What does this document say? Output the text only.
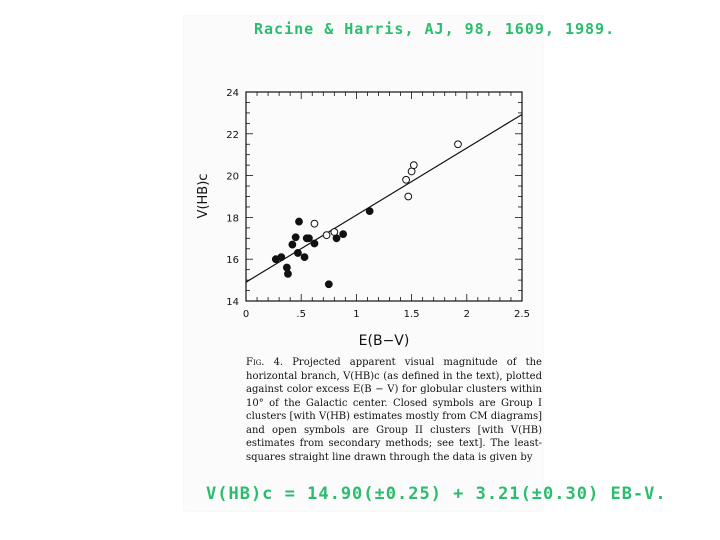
Racine & Harris, AJ, 98, 1609, 1989.
0	.5	1	1.5	2	2.5
14
16
18
20
22
24
E(B−V)
V(HB)c
Fig. 4. Projected apparent visual magnitude of the horizontal branch, V(HB)c (as defined in the text), plotted against color excess E(B − V) for globular clusters within 10° of the Galactic center. Closed symbols are Group I clusters [with V(HB) estimates mostly from CM diagrams] and open symbols are Group II clusters [with V(HB) estimates from secondary methods; see text]. The least-squares straight line drawn through the data is given by
V(HB)c = 14.90(±0.25) + 3.21(±0.30) EB-V.
